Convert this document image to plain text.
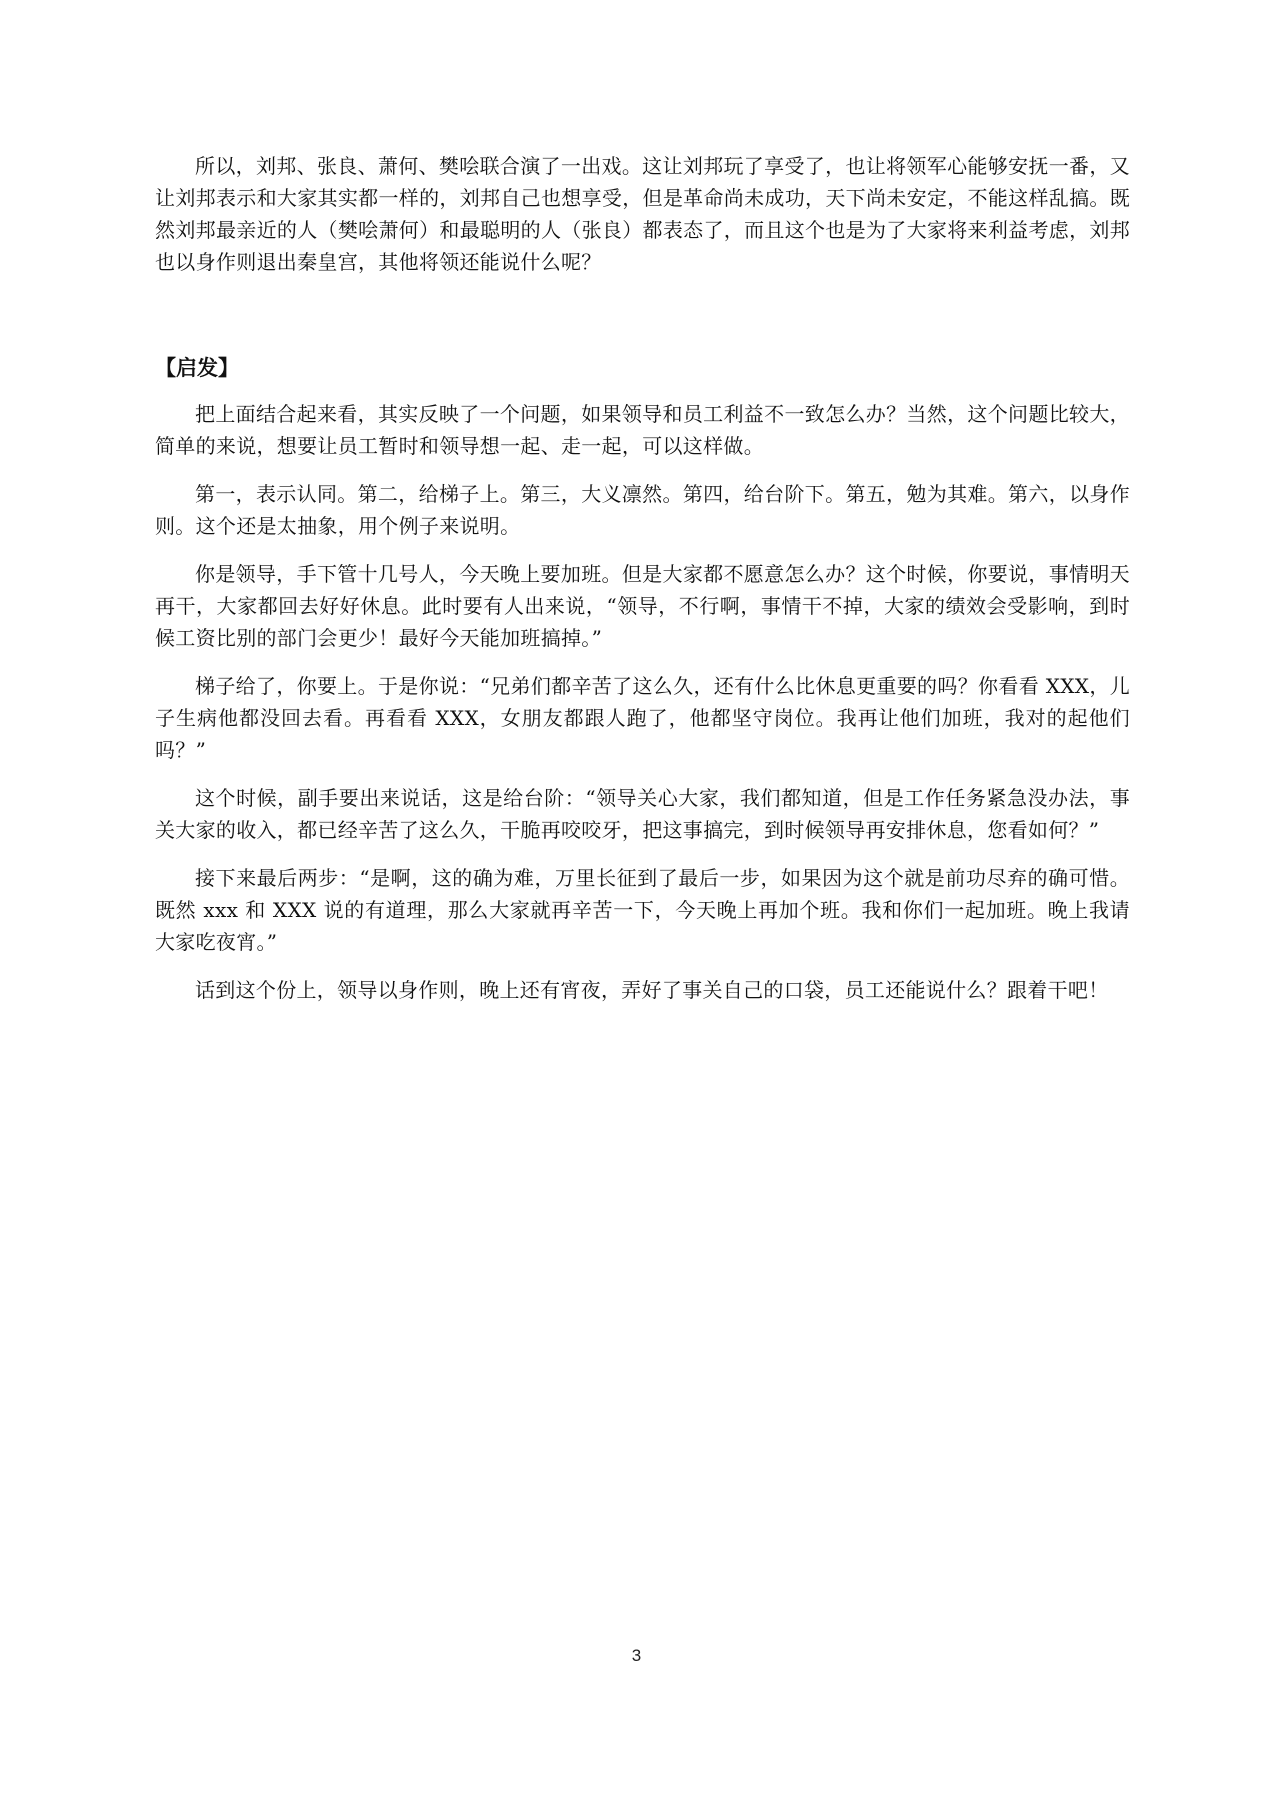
所以，刘邦、张良、萧何、樊哙联合演了一出戏。这让刘邦玩了享受了，也让将领军心能够安抚一番，又让刘邦表示和大家其实都一样的，刘邦自己也想享受，但是革命尚未成功，天下尚未安定，不能这样乱搞。既然刘邦最亲近的人（樊哙萧何）和最聪明的人（张良）都表态了，而且这个也是为了大家将来利益考虑，刘邦也以身作则退出秦皇宫，其他将领还能说什么呢？

【启发】

把上面结合起来看，其实反映了一个问题，如果领导和员工利益不一致怎么办？当然，这个问题比较大，简单的来说，想要让员工暂时和领导想一起、走一起，可以这样做。

第一，表示认同。第二，给梯子上。第三，大义凛然。第四，给台阶下。第五，勉为其难。第六，以身作则。这个还是太抽象，用个例子来说明。

你是领导，手下管十几号人，今天晚上要加班。但是大家都不愿意怎么办？这个时候，你要说，事情明天再干，大家都回去好好休息。此时要有人出来说，“领导，不行啊，事情干不掉，大家的绩效会受影响，到时候工资比别的部门会更少！最好今天能加班搞掉。”

梯子给了，你要上。于是你说：“兄弟们都辛苦了这么久，还有什么比休息更重要的吗？你看看 XXX，儿子生病他都没回去看。再看看 XXX，女朋友都跟人跑了，他都坚守岗位。我再让他们加班，我对的起他们吗？”

这个时候，副手要出来说话，这是给台阶：“领导关心大家，我们都知道，但是工作任务紧急没办法，事关大家的收入，都已经辛苦了这么久，干脆再咬咬牙，把这事搞完，到时候领导再安排休息，您看如何？”

接下来最后两步：“是啊，这的确为难，万里长征到了最后一步，如果因为这个就是前功尽弃的确可惜。既然 xxx 和 XXX 说的有道理，那么大家就再辛苦一下，今天晚上再加个班。我和你们一起加班。晚上我请大家吃夜宵。”

话到这个份上，领导以身作则，晚上还有宵夜，弄好了事关自己的口袋，员工还能说什么？跟着干吧！

3
